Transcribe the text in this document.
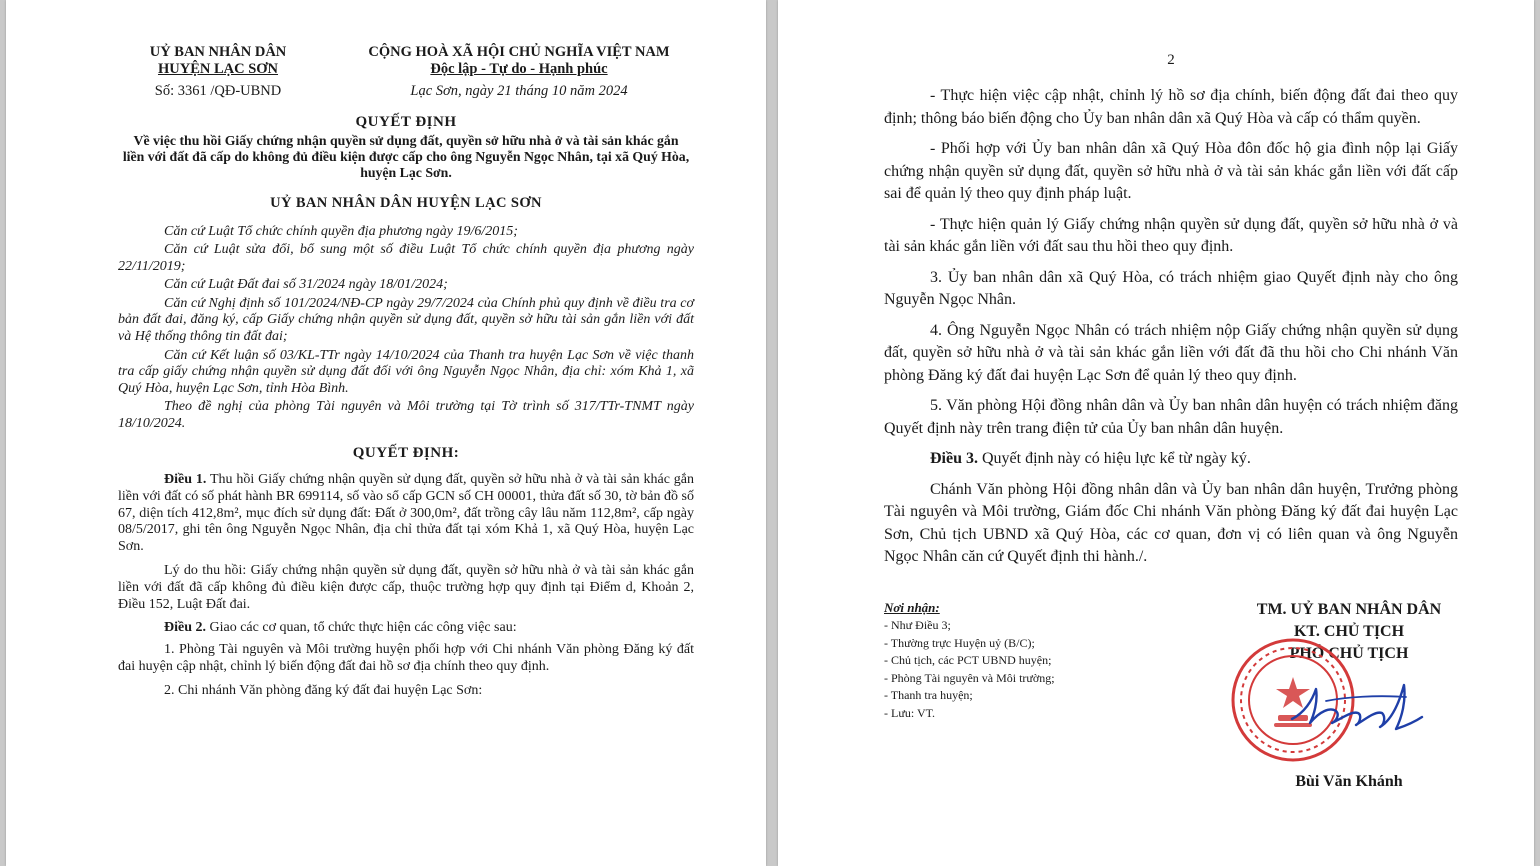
UỶ BAN NHÂN DÂN
HUYỆN LẠC SƠN
CỘNG HOÀ XÃ HỘI CHỦ NGHĨA VIỆT NAM
Độc lập - Tự do - Hạnh phúc
Số: 3361 /QĐ-UBND	Lạc Sơn, ngày 21 tháng 10 năm 2024
QUYẾT ĐỊNH
Về việc thu hồi Giấy chứng nhận quyền sử dụng đất, quyền sở hữu nhà ở và tài sản khác gắn liền với đất đã cấp do không đủ điều kiện được cấp cho ông Nguyễn Ngọc Nhân, tại xã Quý Hòa, huyện Lạc Sơn.
UỶ BAN NHÂN DÂN HUYỆN LẠC SƠN

Căn cứ Luật Tổ chức chính quyền địa phương ngày 19/6/2015;

Căn cứ Luật sửa đổi, bổ sung một số điều Luật Tổ chức chính quyền địa phương ngày 22/11/2019;

Căn cứ Luật Đất đai số 31/2024 ngày 18/01/2024;

Căn cứ Nghị định số 101/2024/NĐ-CP ngày 29/7/2024 của Chính phủ quy định về điều tra cơ bản đất đai, đăng ký, cấp Giấy chứng nhận quyền sử dụng đất, quyền sở hữu tài sản gắn liền với đất và Hệ thống thông tin đất đai;

Căn cứ Kết luận số 03/KL-TTr ngày 14/10/2024 của Thanh tra huyện Lạc Sơn về việc thanh tra cấp giấy chứng nhận quyền sử dụng đất đối với ông Nguyễn Ngọc Nhân, địa chỉ: xóm Khả 1, xã Quý Hòa, huyện Lạc Sơn, tỉnh Hòa Bình.

Theo đề nghị của phòng Tài nguyên và Môi trường tại Tờ trình số 317/TTr-TNMT ngày 18/10/2024.

QUYẾT ĐỊNH:

Điều 1. Thu hồi Giấy chứng nhận quyền sử dụng đất, quyền sở hữu nhà ở và tài sản khác gắn liền với đất có số phát hành BR 699114, số vào sổ cấp GCN số CH 00001, thửa đất số 30, tờ bản đồ số 67, diện tích 412,8m², mục đích sử dụng đất: Đất ở 300,0m², đất trồng cây lâu năm 112,8m², cấp ngày 08/5/2017, ghi tên ông Nguyễn Ngọc Nhân, địa chỉ thửa đất tại xóm Khả 1, xã Quý Hòa, huyện Lạc Sơn.

Lý do thu hồi: Giấy chứng nhận quyền sử dụng đất, quyền sở hữu nhà ở và tài sản khác gắn liền với đất đã cấp không đủ điều kiện được cấp, thuộc trường hợp quy định tại Điểm d, Khoản 2, Điều 152, Luật Đất đai.

Điều 2. Giao các cơ quan, tổ chức thực hiện các công việc sau:

1. Phòng Tài nguyên và Môi trường huyện phối hợp với Chi nhánh Văn phòng Đăng ký đất đai huyện cập nhật, chỉnh lý biến động đất đai hồ sơ địa chính theo quy định.

2. Chi nhánh Văn phòng đăng ký đất đai huyện Lạc Sơn:

2

- Thực hiện việc cập nhật, chỉnh lý hồ sơ địa chính, biến động đất đai theo quy định; thông báo biến động cho Ủy ban nhân dân xã Quý Hòa và cấp có thẩm quyền.

- Phối hợp với Ủy ban nhân dân xã Quý Hòa đôn đốc hộ gia đình nộp lại Giấy chứng nhận quyền sử dụng đất, quyền sở hữu nhà ở và tài sản khác gắn liền với đất cấp sai để quản lý theo quy định pháp luật.

- Thực hiện quản lý Giấy chứng nhận quyền sử dụng đất, quyền sở hữu nhà ở và tài sản khác gắn liền với đất sau thu hồi theo quy định.

3. Ủy ban nhân dân xã Quý Hòa, có trách nhiệm giao Quyết định này cho ông Nguyễn Ngọc Nhân.

4. Ông Nguyễn Ngọc Nhân có trách nhiệm nộp Giấy chứng nhận quyền sử dụng đất, quyền sở hữu nhà ở và tài sản khác gắn liền với đất đã thu hồi cho Chi nhánh Văn phòng Đăng ký đất đai huyện Lạc Sơn để quản lý theo quy định.

5. Văn phòng Hội đồng nhân dân và Ủy ban nhân dân huyện có trách nhiệm đăng Quyết định này trên trang điện tử của Ủy ban nhân dân huyện.

Điều 3. Quyết định này có hiệu lực kể từ ngày ký.

Chánh Văn phòng Hội đồng nhân dân và Ủy ban nhân dân huyện, Trưởng phòng Tài nguyên và Môi trường, Giám đốc Chi nhánh Văn phòng Đăng ký đất đai huyện Lạc Sơn, Chủ tịch UBND xã Quý Hòa, các cơ quan, đơn vị có liên quan và ông Nguyễn Ngọc Nhân căn cứ Quyết định thi hành./.

Nơi nhận:
- Như Điều 3;
- Thường trực Huyện uỷ (B/C);
- Chủ tịch, các PCT UBND huyện;
- Phòng Tài nguyên và Môi trường;
- Thanh tra huyện;
- Lưu: VT.
TM. UỶ BAN NHÂN DÂN
KT. CHỦ TỊCH
PHÓ CHỦ TỊCH
Bùi Văn Khánh
